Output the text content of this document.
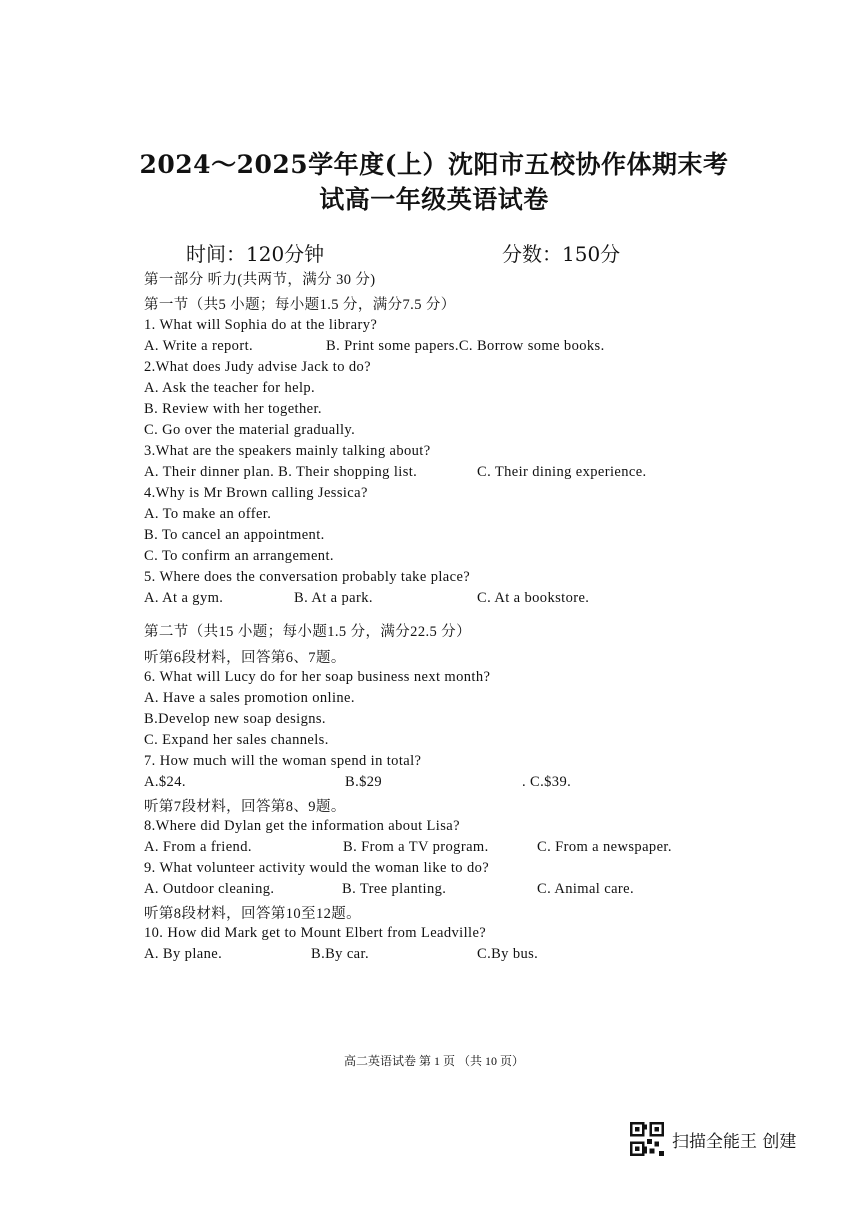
2024～2025学年度(上）沈阳市五校协作体期末考
试高一年级英语试卷
时间：120分钟	分数：150分
第一部分 听力(共两节，满分 30 分)
第一节（共5 小题；每小题1.5 分，满分7.5 分）
1. What will Sophia do at the library?
A. Write a report.	B. Print some papers.C. Borrow some books.
2.What does Judy advise Jack to do?
A. Ask the teacher for help.
B. Review with her together.
C. Go over the material gradually.
3.What are the speakers mainly talking about?
A. Their dinner plan. B. Their shopping list.	C. Their dining experience.
4.Why is Mr Brown calling Jessica?
A. To make an offer.
B. To cancel an appointment.
C. To confirm an arrangement.
5. Where does the conversation probably take place?
A. At a gym.	B. At a park.	C. At a bookstore.
第二节（共15 小题；每小题1.5 分，满分22.5 分）
听第6段材料，回答第6、7题。
6. What will Lucy do for her soap business next month?
A. Have a sales promotion online.
B.Develop new soap designs.
C. Expand her sales channels.
7. How much will the woman spend in total?
A.$24.	B.$29	. C.$39.
听第7段材料，回答第8、9题。
8.Where did Dylan get the information about Lisa?
A. From a friend.	B. From a TV program.	C. From a newspaper.
9. What volunteer activity would the woman like to do?
A. Outdoor cleaning.	B. Tree planting.	C. Animal care.
听第8段材料，回答第10至12题。
10. How did Mark get to Mount Elbert from Leadville?
A. By plane.	B.By car.	C.By bus.
高二英语试卷 第 1 页 （共 10 页）
扫描全能王 创建
